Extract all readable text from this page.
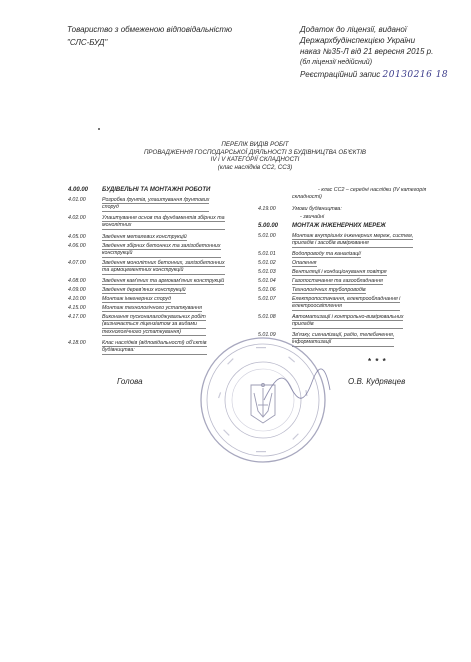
Товариство з обмеженою відповідальністю
"СЛС-БУД"
Додаток до ліцензії, виданої
Держархбудінспекцією України
наказ №35-Л від 21 вересня 2015 р.
(бл ліцензії недійсний)
Реєстраційний запис 20130216 18
ПЕРЕЛІК ВИДІВ РОБІТ
ПРОВАДЖЕННЯ ГОСПОДАРСЬКОЇ ДІЯЛЬНОСТІ З БУДІВНИЦТВА ОБ'ЄКТІВ
IV і V КАТЕГОРІЇ СКЛАДНОСТІ
(клас наслідків СС2, СС3)
4.00.00	БУДІВЕЛЬНІ ТА МОНТАЖНІ РОБОТИ
4.01.00	Розробка ґрунтів, улаштування ґрунтових
споруд
4.02.00	Улаштування основ та фундаментів збірних та
монолітних
4.05.00	Зведення металевих конструкцій
4.06.00	Зведення збірних бетонних та залізобетонних
конструкцій
4.07.00	Зведення монолітних бетонних, залізобетонних
та армоцементних конструкцій
4.08.00	Зведення кам'яних та армокам'яних конструкцій
4.09.00	Зведення дерев'яних конструкцій
4.10.00	Монтаж інженерних споруд
4.15.00	Монтаж технологічного устаткування
4.17.00	Виконання пусконалагоджувальних робіт
(визначається ліцензіатом за видами
технологічного устаткування)
4.18.00	Клас наслідків (відповідальності) об'єктів
будівництва:
- клас СС2 – середні наслідки (IV категорія
складності)
4.19.00	Умови будівництва:
- звичайні
5.00.00	МОНТАЖ ІНЖЕНЕРНИХ МЕРЕЖ
5.01.00	Монтаж внутрішніх інженерних мереж, систем,
приладів і засобів вимірювання
5.01.01	Водопроводу та каналізації
5.01.02	Опалення
5.01.03	Вентиляції і кондиціонування повітря
5.01.04	Газопостачання та газообладнання
5.01.06	Технологічних трубопроводів
5.01.07	Електропостачання, електрообладнання і
електроосвітлення
5.01.08	Автоматизації і контрольно-вимірювальних
приладів
5.01.09	Зв'язку, сигналізації, радіо, телебачення,
інформатизації
* * *
Голова	О.В. Кудрявцев
